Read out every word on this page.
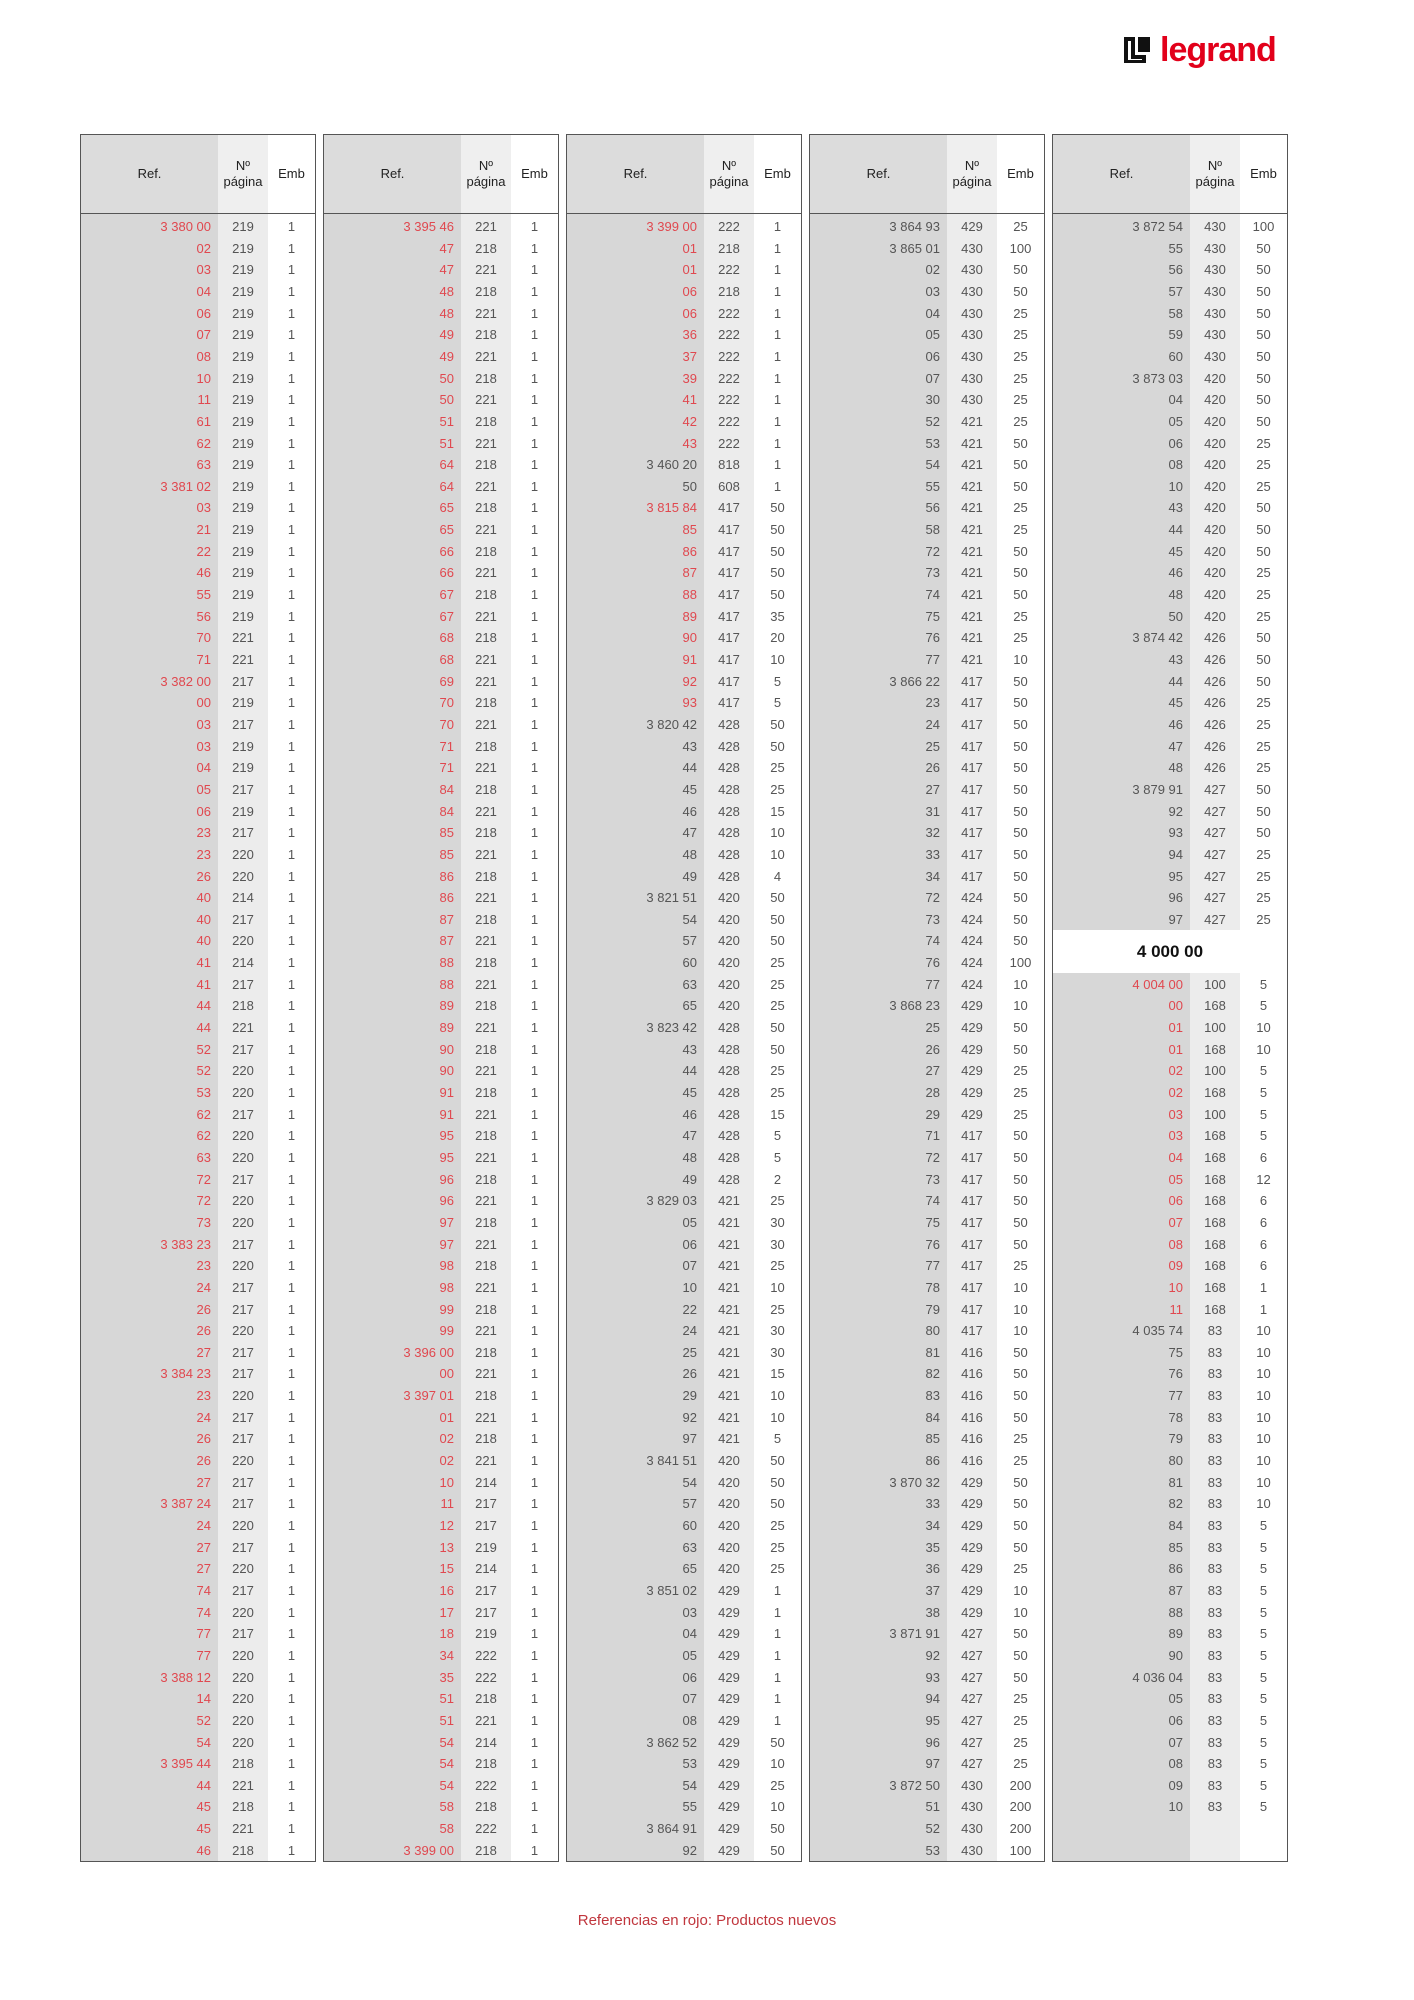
legrand
Ref.
Nº
página
Emb
3 380 00	219	1
02	219	1
03	219	1
04	219	1
06	219	1
07	219	1
08	219	1
10	219	1
11	219	1
61	219	1
62	219	1
63	219	1
3 381 02	219	1
03	219	1
21	219	1
22	219	1
46	219	1
55	219	1
56	219	1
70	221	1
71	221	1
3 382 00	217	1
00	219	1
03	217	1
03	219	1
04	219	1
05	217	1
06	219	1
23	217	1
23	220	1
26	220	1
40	214	1
40	217	1
40	220	1
41	214	1
41	217	1
44	218	1
44	221	1
52	217	1
52	220	1
53	220	1
62	217	1
62	220	1
63	220	1
72	217	1
72	220	1
73	220	1
3 383 23	217	1
23	220	1
24	217	1
26	217	1
26	220	1
27	217	1
3 384 23	217	1
23	220	1
24	217	1
26	217	1
26	220	1
27	217	1
3 387 24	217	1
24	220	1
27	217	1
27	220	1
74	217	1
74	220	1
77	217	1
77	220	1
3 388 12	220	1
14	220	1
52	220	1
54	220	1
3 395 44	218	1
44	221	1
45	218	1
45	221	1
46	218	1
Ref.
Nº
página
Emb
3 395 46	221	1
47	218	1
47	221	1
48	218	1
48	221	1
49	218	1
49	221	1
50	218	1
50	221	1
51	218	1
51	221	1
64	218	1
64	221	1
65	218	1
65	221	1
66	218	1
66	221	1
67	218	1
67	221	1
68	218	1
68	221	1
69	221	1
70	218	1
70	221	1
71	218	1
71	221	1
84	218	1
84	221	1
85	218	1
85	221	1
86	218	1
86	221	1
87	218	1
87	221	1
88	218	1
88	221	1
89	218	1
89	221	1
90	218	1
90	221	1
91	218	1
91	221	1
95	218	1
95	221	1
96	218	1
96	221	1
97	218	1
97	221	1
98	218	1
98	221	1
99	218	1
99	221	1
3 396 00	218	1
00	221	1
3 397 01	218	1
01	221	1
02	218	1
02	221	1
10	214	1
11	217	1
12	217	1
13	219	1
15	214	1
16	217	1
17	217	1
18	219	1
34	222	1
35	222	1
51	218	1
51	221	1
54	214	1
54	218	1
54	222	1
58	218	1
58	222	1
3 399 00	218	1
Ref.
Nº
página
Emb
3 399 00	222	1
01	218	1
01	222	1
06	218	1
06	222	1
36	222	1
37	222	1
39	222	1
41	222	1
42	222	1
43	222	1
3 460 20	818	1
50	608	1
3 815 84	417	50
85	417	50
86	417	50
87	417	50
88	417	50
89	417	35
90	417	20
91	417	10
92	417	5
93	417	5
3 820 42	428	50
43	428	50
44	428	25
45	428	25
46	428	15
47	428	10
48	428	10
49	428	4
3 821 51	420	50
54	420	50
57	420	50
60	420	25
63	420	25
65	420	25
3 823 42	428	50
43	428	50
44	428	25
45	428	25
46	428	15
47	428	5
48	428	5
49	428	2
3 829 03	421	25
05	421	30
06	421	30
07	421	25
10	421	10
22	421	25
24	421	30
25	421	30
26	421	15
29	421	10
92	421	10
97	421	5
3 841 51	420	50
54	420	50
57	420	50
60	420	25
63	420	25
65	420	25
3 851 02	429	1
03	429	1
04	429	1
05	429	1
06	429	1
07	429	1
08	429	1
3 862 52	429	50
53	429	10
54	429	25
55	429	10
3 864 91	429	50
92	429	50
Ref.
Nº
página
Emb
3 864 93	429	25
3 865 01	430	100
02	430	50
03	430	50
04	430	25
05	430	25
06	430	25
07	430	25
30	430	25
52	421	25
53	421	50
54	421	50
55	421	50
56	421	25
58	421	25
72	421	50
73	421	50
74	421	50
75	421	25
76	421	25
77	421	10
3 866 22	417	50
23	417	50
24	417	50
25	417	50
26	417	50
27	417	50
31	417	50
32	417	50
33	417	50
34	417	50
72	424	50
73	424	50
74	424	50
76	424	100
77	424	10
3 868 23	429	10
25	429	50
26	429	50
27	429	25
28	429	25
29	429	25
71	417	50
72	417	50
73	417	50
74	417	50
75	417	50
76	417	50
77	417	25
78	417	10
79	417	10
80	417	10
81	416	50
82	416	50
83	416	50
84	416	50
85	416	25
86	416	25
3 870 32	429	50
33	429	50
34	429	50
35	429	50
36	429	25
37	429	10
38	429	10
3 871 91	427	50
92	427	50
93	427	50
94	427	25
95	427	25
96	427	25
97	427	25
3 872 50	430	200
51	430	200
52	430	200
53	430	100
Ref.
Nº
página
Emb
3 872 54	430	100
55	430	50
56	430	50
57	430	50
58	430	50
59	430	50
60	430	50
3 873 03	420	50
04	420	50
05	420	50
06	420	25
08	420	25
10	420	25
43	420	50
44	420	50
45	420	50
46	420	25
48	420	25
50	420	25
3 874 42	426	50
43	426	50
44	426	50
45	426	25
46	426	25
47	426	25
48	426	25
3 879 91	427	50
92	427	50
93	427	50
94	427	25
95	427	25
96	427	25
97	427	25
4 000 00
4 004 00	100	5
00	168	5
01	100	10
01	168	10
02	100	5
02	168	5
03	100	5
03	168	5
04	168	6
05	168	12
06	168	6
07	168	6
08	168	6
09	168	6
10	168	1
11	168	1
4 035 74	83	10
75	83	10
76	83	10
77	83	10
78	83	10
79	83	10
80	83	10
81	83	10
82	83	10
84	83	5
85	83	5
86	83	5
87	83	5
88	83	5
89	83	5
90	83	5
4 036 04	83	5
05	83	5
06	83	5
07	83	5
08	83	5
09	83	5
10	83	5
Referencias en rojo: Productos nuevos
